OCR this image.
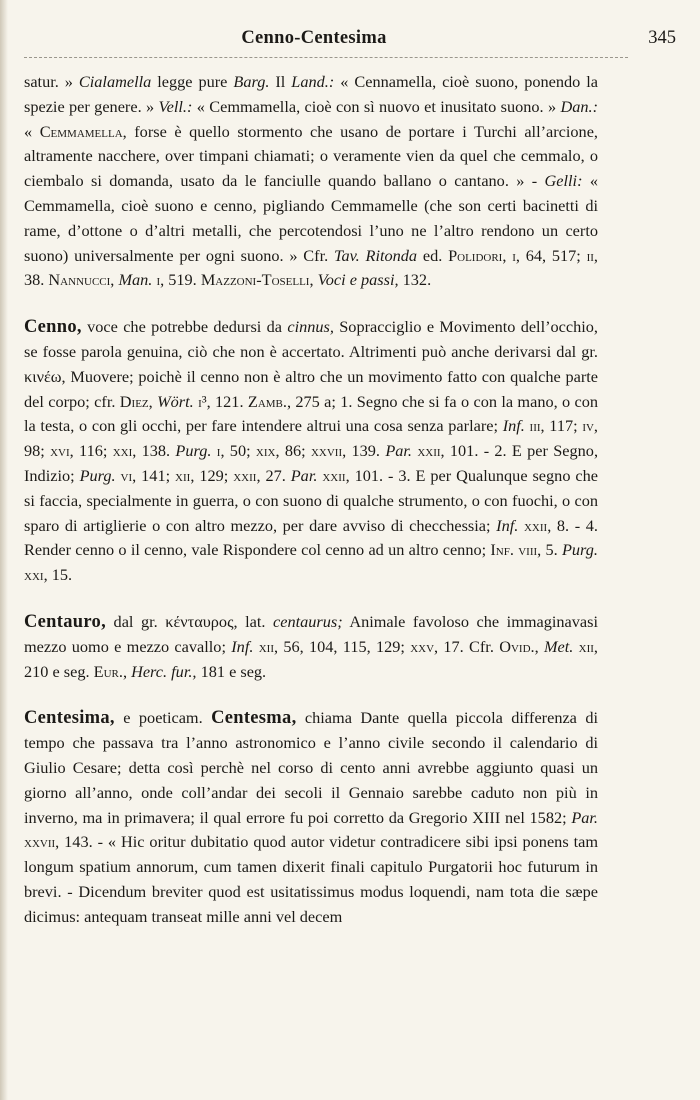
Cenno-Centesima	345

satur. » Cialamella legge pure Barg. Il Land.: « Cennamella, cioè suono, ponendo la spezie per genere. » Vell.: « Cemmamella, cioè con sì nuovo et inusitato suono. » Dan.: « Cemmamella, forse è quello stormento che usano de portare i Turchi all’arcione, altramente nacchere, over timpani chiamati; o veramente vien da quel che cemmalo, o ciembalo si domanda, usato da le fanciulle quando ballano o cantano. » - Gelli: « Cemmamella, cioè suono e cenno, pigliando Cemmamelle (che son certi bacinetti di rame, d’ottone o d’altri metalli, che percotendosi l’uno ne l’altro rendono un certo suono) universalmente per ogni suono. » Cfr. Tav. Ritonda ed. Polidori, i, 64, 517; ii, 38. Nannucci, Man. i, 519. Mazzoni-Toselli, Voci e passi, 132.

Cenno, voce che potrebbe dedursi da cinnus, Sopracciglio e Movimento dell’occhio, se fosse parola genuina, ciò che non è accertato. Altrimenti può anche derivarsi dal gr. κινέω, Muovere; poichè il cenno non è altro che un movimento fatto con qualche parte del corpo; cfr. Diez, Wört. i³, 121. Zamb., 275 a; 1. Segno che si fa o con la mano, o con la testa, o con gli occhi, per fare intendere altrui una cosa senza parlare; Inf. iii, 117; iv, 98; xvi, 116; xxi, 138. Purg. i, 50; xix, 86; xxvii, 139. Par. xxii, 101. - 2. E per Segno, Indizio; Purg. vi, 141; xii, 129; xxii, 27. Par. xxii, 101. - 3. E per Qualunque segno che si faccia, specialmente in guerra, o con suono di qualche strumento, o con fuochi, o con sparo di artiglierie o con altro mezzo, per dare avviso di checchessia; Inf. xxii, 8. - 4. Render cenno o il cenno, vale Rispondere col cenno ad un altro cenno; Inf. viii, 5. Purg. xxi, 15.

Centauro, dal gr. κένταυρος, lat. centaurus; Animale favoloso che immaginavasi mezzo uomo e mezzo cavallo; Inf. xii, 56, 104, 115, 129; xxv, 17. Cfr. Ovid., Met. xii, 210 e seg. Eur., Herc. fur., 181 e seg.

Centesima, e poeticam. Centesma, chiama Dante quella piccola differenza di tempo che passava tra l’anno astronomico e l’anno civile secondo il calendario di Giulio Cesare; detta così perchè nel corso di cento anni avrebbe aggiunto quasi un giorno all’anno, onde coll’andar dei secoli il Gennaio sarebbe caduto non più in inverno, ma in primavera; il qual errore fu poi corretto da Gregorio XIII nel 1582; Par. xxvii, 143. - « Hic oritur dubitatio quod autor videtur contradicere sibi ipsi ponens tam longum spatium annorum, cum tamen dixerit finali capitulo Purgatorii hoc futurum in brevi. - Dicendum breviter quod est usitatissimus modus loquendi, nam tota die sæpe dicimus: antequam transeat mille anni vel decem
